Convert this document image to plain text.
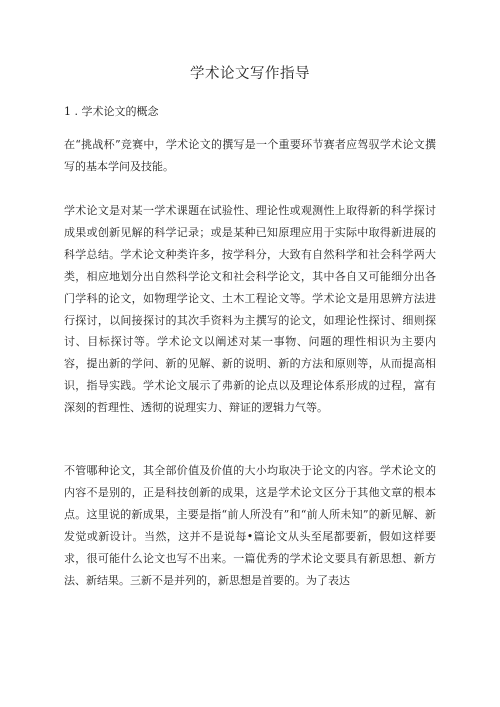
学术论文写作指导
1 . 学术论文的概念

在“挑战杯”竞赛中，学术论文的撰写是一个重要环节赛者应驾驭学术论文撰写的基本学问及技能。

学术论文是对某一学术课题在试验性、理论性或观测性上取得新的科学探讨成果或创新见解的科学记录；或是某种已知原理应用于实际中取得新进展的科学总结。学术论文种类许多，按学科分，大致有自然科学和社会科学两大类，相应地划分出自然科学论文和社会科学论文，其中各自又可能细分出各门学科的论文，如物理学论文、土木工程论文等。学术论文是用思辨方法进行探讨，以间接探讨的其次手资料为主撰写的论文，如理论性探讨、细则探讨、目标探讨等。学术论文以阐述对某一事物、问题的理性相识为主要内容，提出新的学问、新的见解、新的说明、新的方法和原则等，从而提高相识，指导实践。学术论文展示了弗新的论点以及理论体系形成的过程，富有深刻的哲理性、透彻的说理实力、辩证的逻辑力气等。

不管哪种论文，其全部价值及价值的大小均取决于论文的内容。学术论文的内容不是别的，正是科技创新的成果，这是学术论文区分于其他文章的根本点。这里说的新成果，主要是指“前人所没有”和“前人所未知”的新见解、新发觉或新设计。当然，这并不是说每•篇论文从头至尾都要新，假如这样要求，很可能什么论文也写不出来。一篇优秀的学术论文要具有新思想、新方法、新结果。三新不是并列的，新思想是首要的。为了表达
